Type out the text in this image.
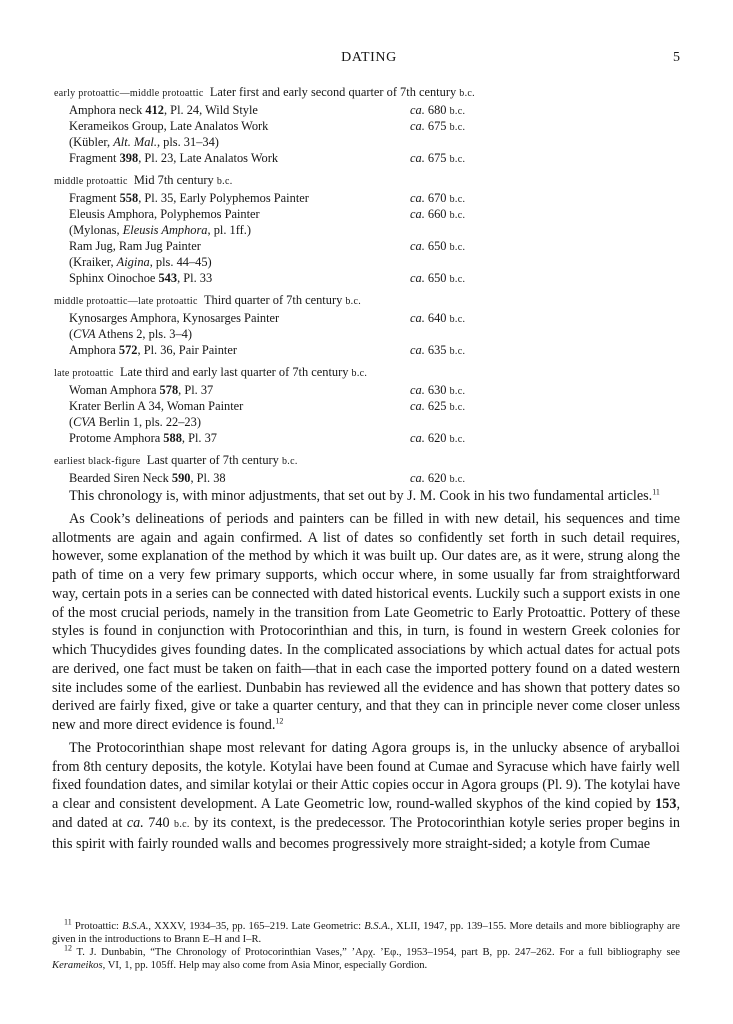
DATING	5
early protoattic—middle protoattic  Later first and early second quarter of 7th century b.c.
Amphora neck 412, Pl. 24, Wild Style	ca. 680 b.c.
Kerameikos Group, Late Analatos Work	ca. 675 b.c.
(Kübler, Alt. Mal., pls. 31–34)
Fragment 398, Pl. 23, Late Analatos Work	ca. 675 b.c.
middle protoattic  Mid 7th century b.c.
Fragment 558, Pl. 35, Early Polyphemos Painter	ca. 670 b.c.
Eleusis Amphora, Polyphemos Painter	ca. 660 b.c.
(Mylonas, Eleusis Amphora, pl. 1ff.)
Ram Jug, Ram Jug Painter	ca. 650 b.c.
(Kraiker, Aigina, pls. 44–45)
Sphinx Oinochoe 543, Pl. 33	ca. 650 b.c.
middle protoattic—late protoattic  Third quarter of 7th century b.c.
Kynosarges Amphora, Kynosarges Painter	ca. 640 b.c.
(CVA Athens 2, pls. 3–4)
Amphora 572, Pl. 36, Pair Painter	ca. 635 b.c.
late protoattic  Late third and early last quarter of 7th century b.c.
Woman Amphora 578, Pl. 37	ca. 630 b.c.
Krater Berlin A 34, Woman Painter	ca. 625 b.c.
(CVA Berlin 1, pls. 22–23)
Protome Amphora 588, Pl. 37	ca. 620 b.c.
earliest black-figure  Last quarter of 7th century b.c.
Bearded Siren Neck 590, Pl. 38	ca. 620 b.c.

This chronology is, with minor adjustments, that set out by J. M. Cook in his two fundamental articles.$^{11}$

As Cook’s delineations of periods and painters can be filled in with new detail, his sequences and time allotments are again and again confirmed. A list of dates so confidently set forth in such detail requires, however, some explanation of the method by which it was built up. Our dates are, as it were, strung along the path of time on a very few primary supports, which occur where, in some usually far from straightforward way, certain pots in a series can be connected with dated historical events. Luckily such a support exists in one of the most crucial periods, namely in the transition from Late Geometric to Early Protoattic. Pottery of these styles is found in conjunction with Protocorinthian and this, in turn, is found in western Greek colonies for which Thucydides gives founding dates. In the complicated associations by which actual dates for actual pots are derived, one fact must be taken on faith—that in each case the imported pottery found on a dated western site includes some of the earliest. Dunbabin has reviewed all the evidence and has shown that pottery dates so derived are fairly fixed, give or take a quarter century, and that they can in principle never come closer unless new and more direct evidence is found.$^{12}$

The Protocorinthian shape most relevant for dating Agora groups is, in the unlucky absence of aryballoi from 8th century deposits, the kotyle. Kotylai have been found at Cumae and Syracuse which have fairly well fixed foundation dates, and similar kotylai or their Attic copies occur in Agora groups (Pl. 9). The kotylai have a clear and consistent development. A Late Geometric low, round-walled skyphos of the kind copied by 153, and dated at ca. 740 b.c. by its context, is the predecessor. The Protocorinthian kotyle series proper begins in this spirit with fairly rounded walls and becomes progressively more straight-sided; a kotyle from Cumae

$^{11}$ Protoattic: B.S.A., XXXV, 1934–35, pp. 165–219. Late Geometric: B.S.A., XLII, 1947, pp. 139–155. More details and more bibliography are given in the introductions to Brann E–H and I–R.

$^{12}$ T. J. Dunbabin, “The Chronology of Protocorinthian Vases,” ’Αρχ. ’Εφ., 1953–1954, part B, pp. 247–262. For a full bibliography see Kerameikos, VI, 1, pp. 105ff. Help may also come from Asia Minor, especially Gordion.
